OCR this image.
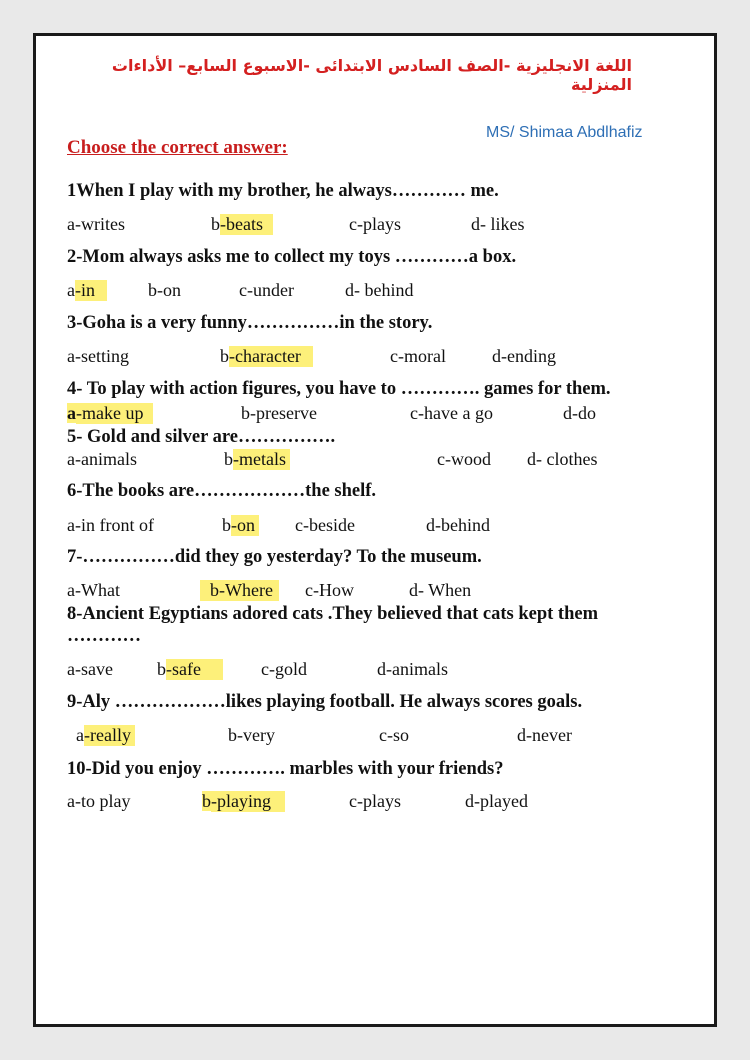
اللغة الانجليزية -الصف السادس الابتدائى -الاسبوع السابع– الأداءات المنزلية
MS/ Shimaa Abdlhafiz
Choose the correct answer:
1When I play with my brother, he always………… me.
a-writes	b-beats	c-plays	d- likes
2-Mom always asks me to collect my toys …………a box.
a-in	b-on	c-under	d- behind
3-Goha is a very funny……………in the story.
a-setting	b-character	c-moral	d-ending
4- To play with action figures, you have to …………. games for them.
a-make up	b-preserve	c-have a go	d-do
5- Gold and silver are…………….
a-animals	b-metals	c-wood d- clothes
6-The books are………………the shelf.
a-in front of	b-on c-beside	d-behind
7-……………did they go yesterday? To the museum.
a-What	b-Where	c-How	d- When
8-Ancient Egyptians adored cats .They believed that cats kept them
…………
a-save b-safe	c-gold	d-animals
9-Aly ………………likes playing football. He always scores goals.
a-really	b-very	c-so	d-never
10-Did you enjoy …………. marbles with your friends?
a-to play	b-playing	c-plays	d-played
